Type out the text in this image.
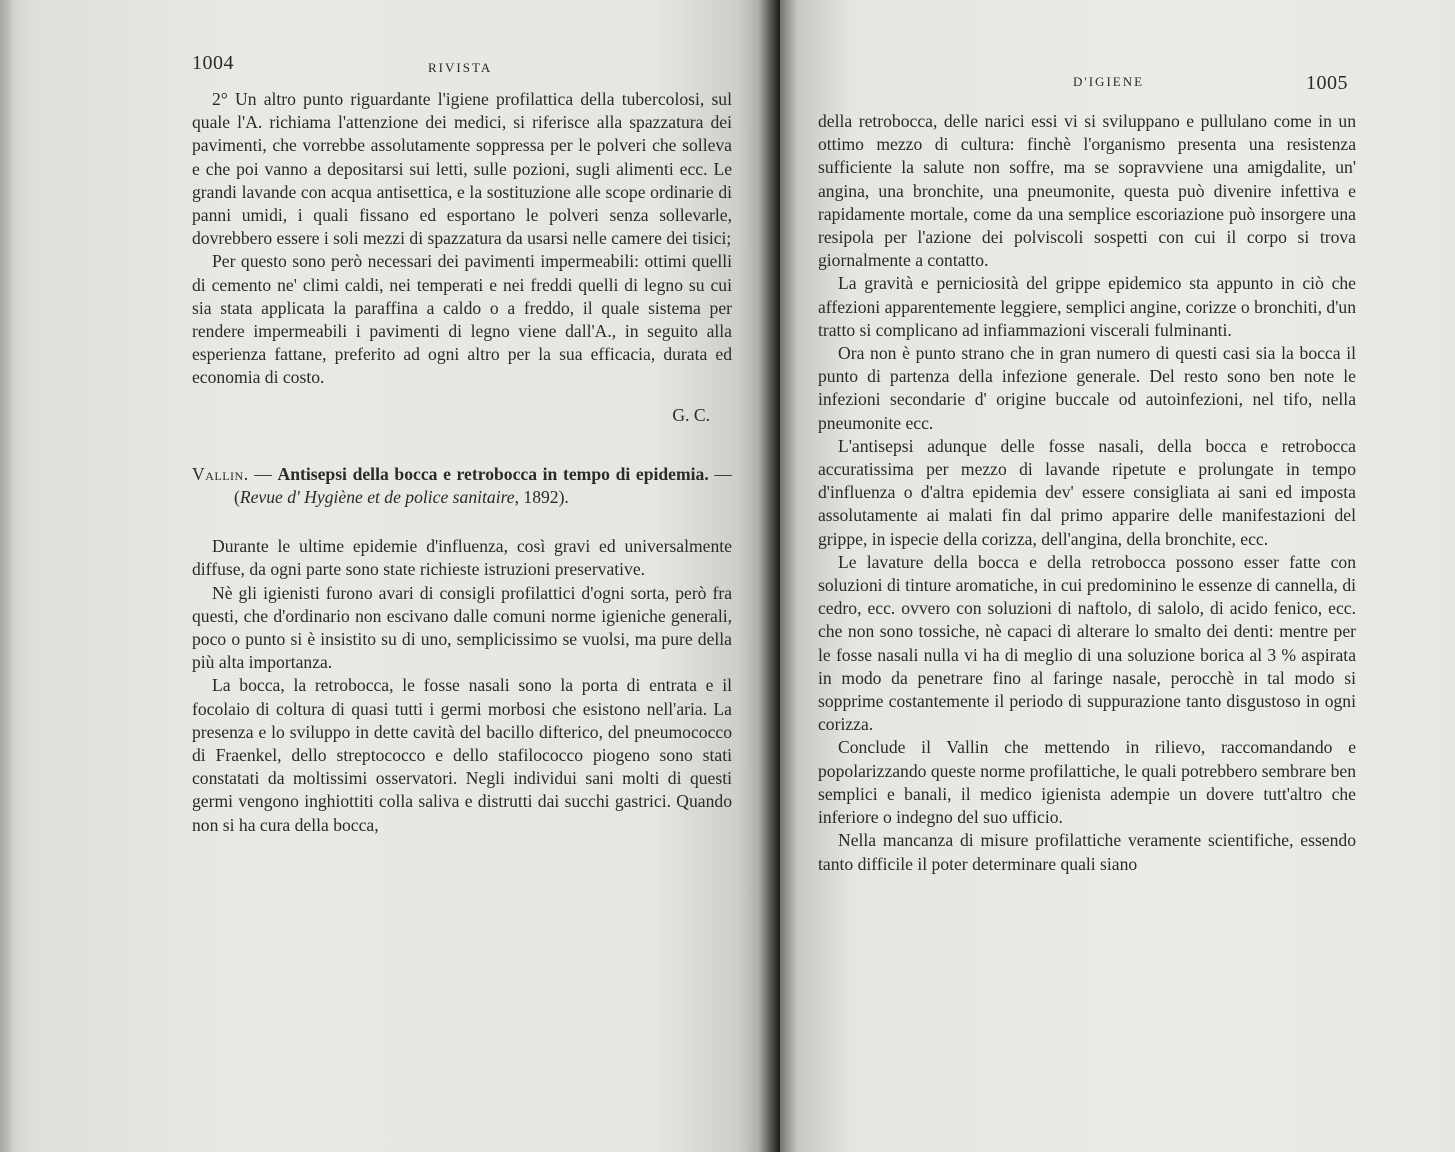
1004	RIVISTA

2° Un altro punto riguardante l'igiene profilattica della tubercolosi, sul quale l'A. richiama l'attenzione dei medici, si riferisce alla spazzatura dei pavimenti, che vorrebbe assolutamente soppressa per le polveri che solleva e che poi vanno a depositarsi sui letti, sulle pozioni, sugli alimenti ecc. Le grandi lavande con acqua antisettica, e la sostituzione alle scope ordinarie di panni umidi, i quali fissano ed esportano le polveri senza sollevarle, dovrebbero essere i soli mezzi di spazzatura da usarsi nelle camere dei tisici;

Per questo sono però necessari dei pavimenti impermeabili: ottimi quelli di cemento ne' climi caldi, nei temperati e nei freddi quelli di legno su cui sia stata applicata la paraffina a caldo o a freddo, il quale sistema per rendere impermeabili i pavimenti di legno viene dall'A., in seguito alla esperienza fattane, preferito ad ogni altro per la sua efficacia, durata ed economia di costo.

G. C.

Vallin. — Antisepsi della bocca e retrobocca in tempo di epidemia. — (Revue d' Hygiène et de police sanitaire, 1892).

Durante le ultime epidemie d'influenza, così gravi ed universalmente diffuse, da ogni parte sono state richieste istruzioni preservative.

Nè gli igienisti furono avari di consigli profilattici d'ogni sorta, però fra questi, che d'ordinario non escivano dalle comuni norme igieniche generali, poco o punto si è insistito su di uno, semplicissimo se vuolsi, ma pure della più alta importanza.

La bocca, la retrobocca, le fosse nasali sono la porta di entrata e il focolaio di coltura di quasi tutti i germi morbosi che esistono nell'aria. La presenza e lo sviluppo in dette cavità del bacillo difterico, del pneumococco di Fraenkel, dello streptococco e dello stafilococco piogeno sono stati constatati da moltissimi osservatori. Negli individui sani molti di questi germi vengono inghiottiti colla saliva e distrutti dai succhi gastrici. Quando non si ha cura della bocca,

D'IGIENE	1005

della retrobocca, delle narici essi vi si sviluppano e pullulano come in un ottimo mezzo di cultura: finchè l'organismo presenta una resistenza sufficiente la salute non soffre, ma se sopravviene una amigdalite, un' angina, una bronchite, una pneumonite, questa può divenire infettiva e rapidamente mortale, come da una semplice escoriazione può insorgere una resipola per l'azione dei polviscoli sospetti con cui il corpo si trova giornalmente a contatto.

La gravità e perniciosità del grippe epidemico sta appunto in ciò che affezioni apparentemente leggiere, semplici angine, corizze o bronchiti, d'un tratto si complicano ad infiammazioni viscerali fulminanti.

Ora non è punto strano che in gran numero di questi casi sia la bocca il punto di partenza della infezione generale. Del resto sono ben note le infezioni secondarie d' origine buccale od autoinfezioni, nel tifo, nella pneumonite ecc.

L'antisepsi adunque delle fosse nasali, della bocca e retrobocca accuratissima per mezzo di lavande ripetute e prolungate in tempo d'influenza o d'altra epidemia dev' essere consigliata ai sani ed imposta assolutamente ai malati fin dal primo apparire delle manifestazioni del grippe, in ispecie della corizza, dell'angina, della bronchite, ecc.

Le lavature della bocca e della retrobocca possono esser fatte con soluzioni di tinture aromatiche, in cui predominino le essenze di cannella, di cedro, ecc. ovvero con soluzioni di naftolo, di salolo, di acido fenico, ecc. che non sono tossiche, nè capaci di alterare lo smalto dei denti: mentre per le fosse nasali nulla vi ha di meglio di una soluzione borica al 3 % aspirata in modo da penetrare fino al faringe nasale, perocchè in tal modo si sopprime costantemente il periodo di suppurazione tanto disgustoso in ogni corizza.

Conclude il Vallin che mettendo in rilievo, raccomandando e popolarizzando queste norme profilattiche, le quali potrebbero sembrare ben semplici e banali, il medico igienista adempie un dovere tutt'altro che inferiore o indegno del suo ufficio.

Nella mancanza di misure profilattiche veramente scientifiche, essendo tanto difficile il poter determinare quali siano
